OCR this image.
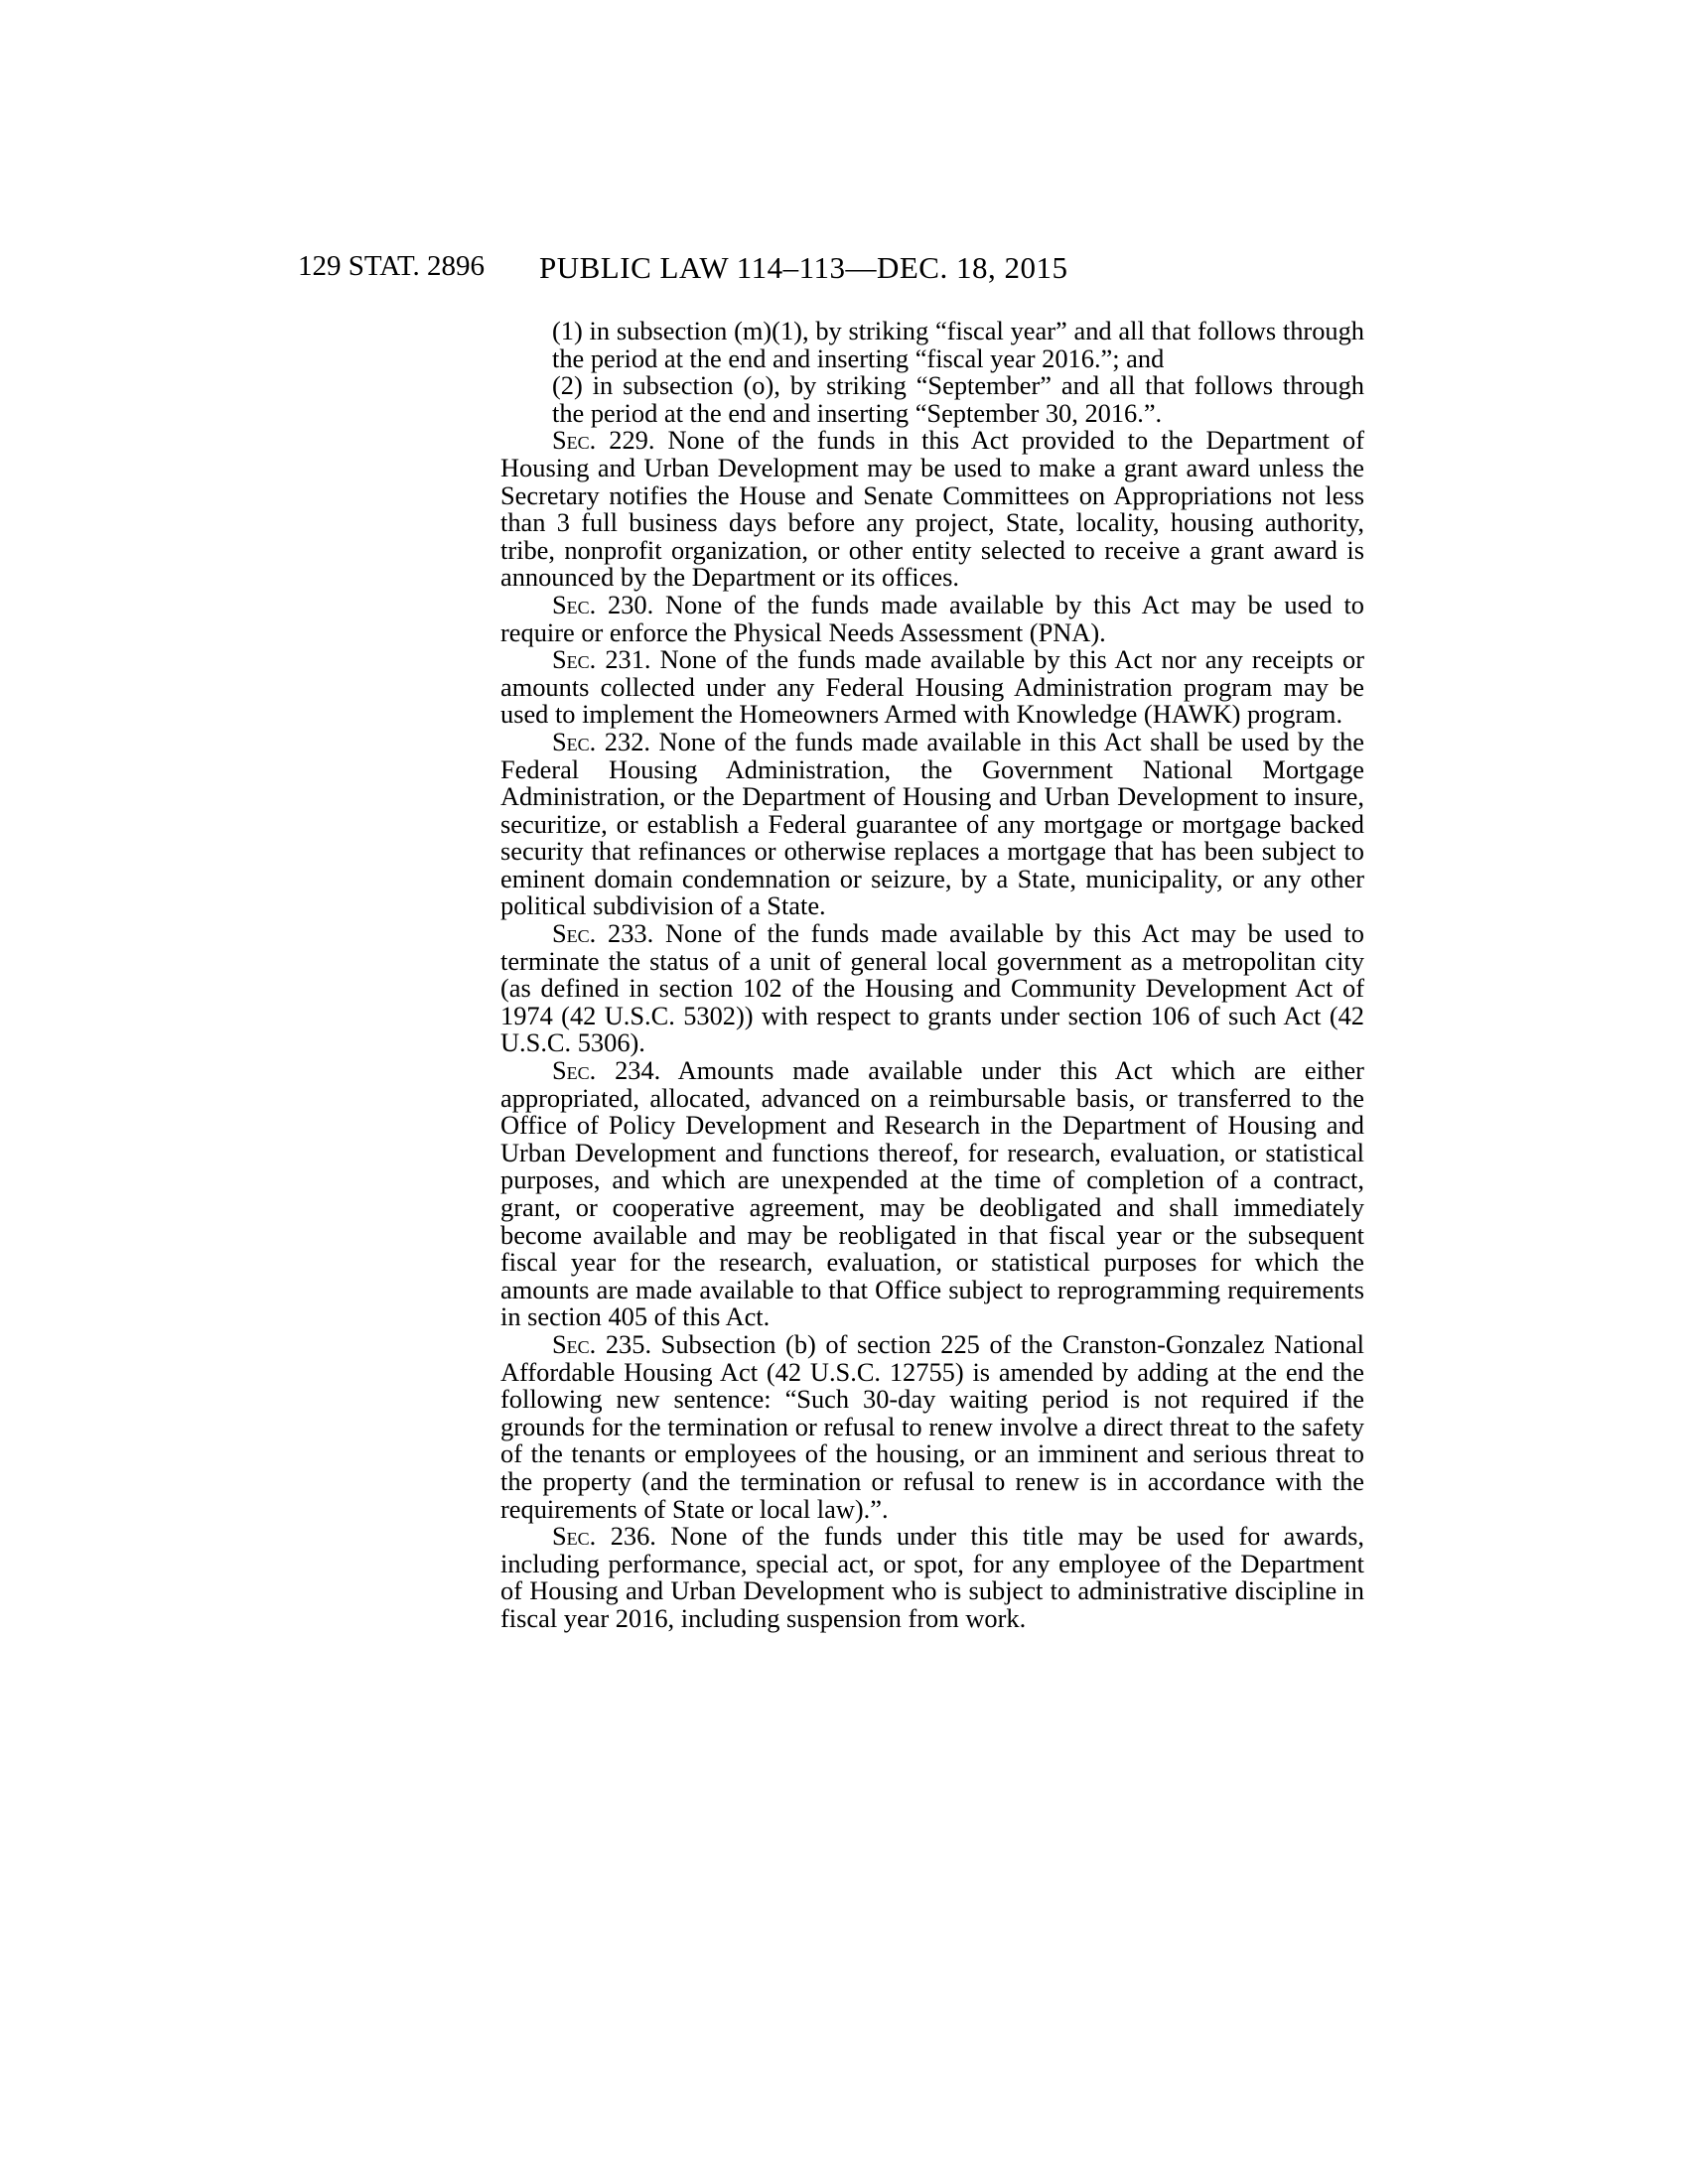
129 STAT. 2896 PUBLIC LAW 114–113—DEC. 18, 2015

(1) in subsection (m)(1), by striking “fiscal year” and all that follows through the period at the end and inserting “fiscal year 2016.”; and

(2) in subsection (o), by striking “September” and all that follows through the period at the end and inserting “September 30, 2016.”.

Sec. 229. None of the funds in this Act provided to the Department of Housing and Urban Development may be used to make a grant award unless the Secretary notifies the House and Senate Committees on Appropriations not less than 3 full business days before any project, State, locality, housing authority, tribe, nonprofit organization, or other entity selected to receive a grant award is announced by the Department or its offices.

Sec. 230. None of the funds made available by this Act may be used to require or enforce the Physical Needs Assessment (PNA).

Sec. 231. None of the funds made available by this Act nor any receipts or amounts collected under any Federal Housing Administration program may be used to implement the Homeowners Armed with Knowledge (HAWK) program.

Sec. 232. None of the funds made available in this Act shall be used by the Federal Housing Administration, the Government National Mortgage Administration, or the Department of Housing and Urban Development to insure, securitize, or establish a Federal guarantee of any mortgage or mortgage backed security that refinances or otherwise replaces a mortgage that has been subject to eminent domain condemnation or seizure, by a State, municipality, or any other political subdivision of a State.

Sec. 233. None of the funds made available by this Act may be used to terminate the status of a unit of general local government as a metropolitan city (as defined in section 102 of the Housing and Community Development Act of 1974 (42 U.S.C. 5302)) with respect to grants under section 106 of such Act (42 U.S.C. 5306).

Sec. 234. Amounts made available under this Act which are either appropriated, allocated, advanced on a reimbursable basis, or transferred to the Office of Policy Development and Research in the Department of Housing and Urban Development and functions thereof, for research, evaluation, or statistical purposes, and which are unexpended at the time of completion of a contract, grant, or cooperative agreement, may be deobligated and shall immediately become available and may be reobligated in that fiscal year or the subsequent fiscal year for the research, evaluation, or statistical purposes for which the amounts are made available to that Office subject to reprogramming requirements in section 405 of this Act.

Sec. 235. Subsection (b) of section 225 of the Cranston-Gonzalez National Affordable Housing Act (42 U.S.C. 12755) is amended by adding at the end the following new sentence: “Such 30-day waiting period is not required if the grounds for the termination or refusal to renew involve a direct threat to the safety of the tenants or employees of the housing, or an imminent and serious threat to the property (and the termination or refusal to renew is in accordance with the requirements of State or local law).”.

Sec. 236. None of the funds under this title may be used for awards, including performance, special act, or spot, for any employee of the Department of Housing and Urban Development who is subject to administrative discipline in fiscal year 2016, including suspension from work.
